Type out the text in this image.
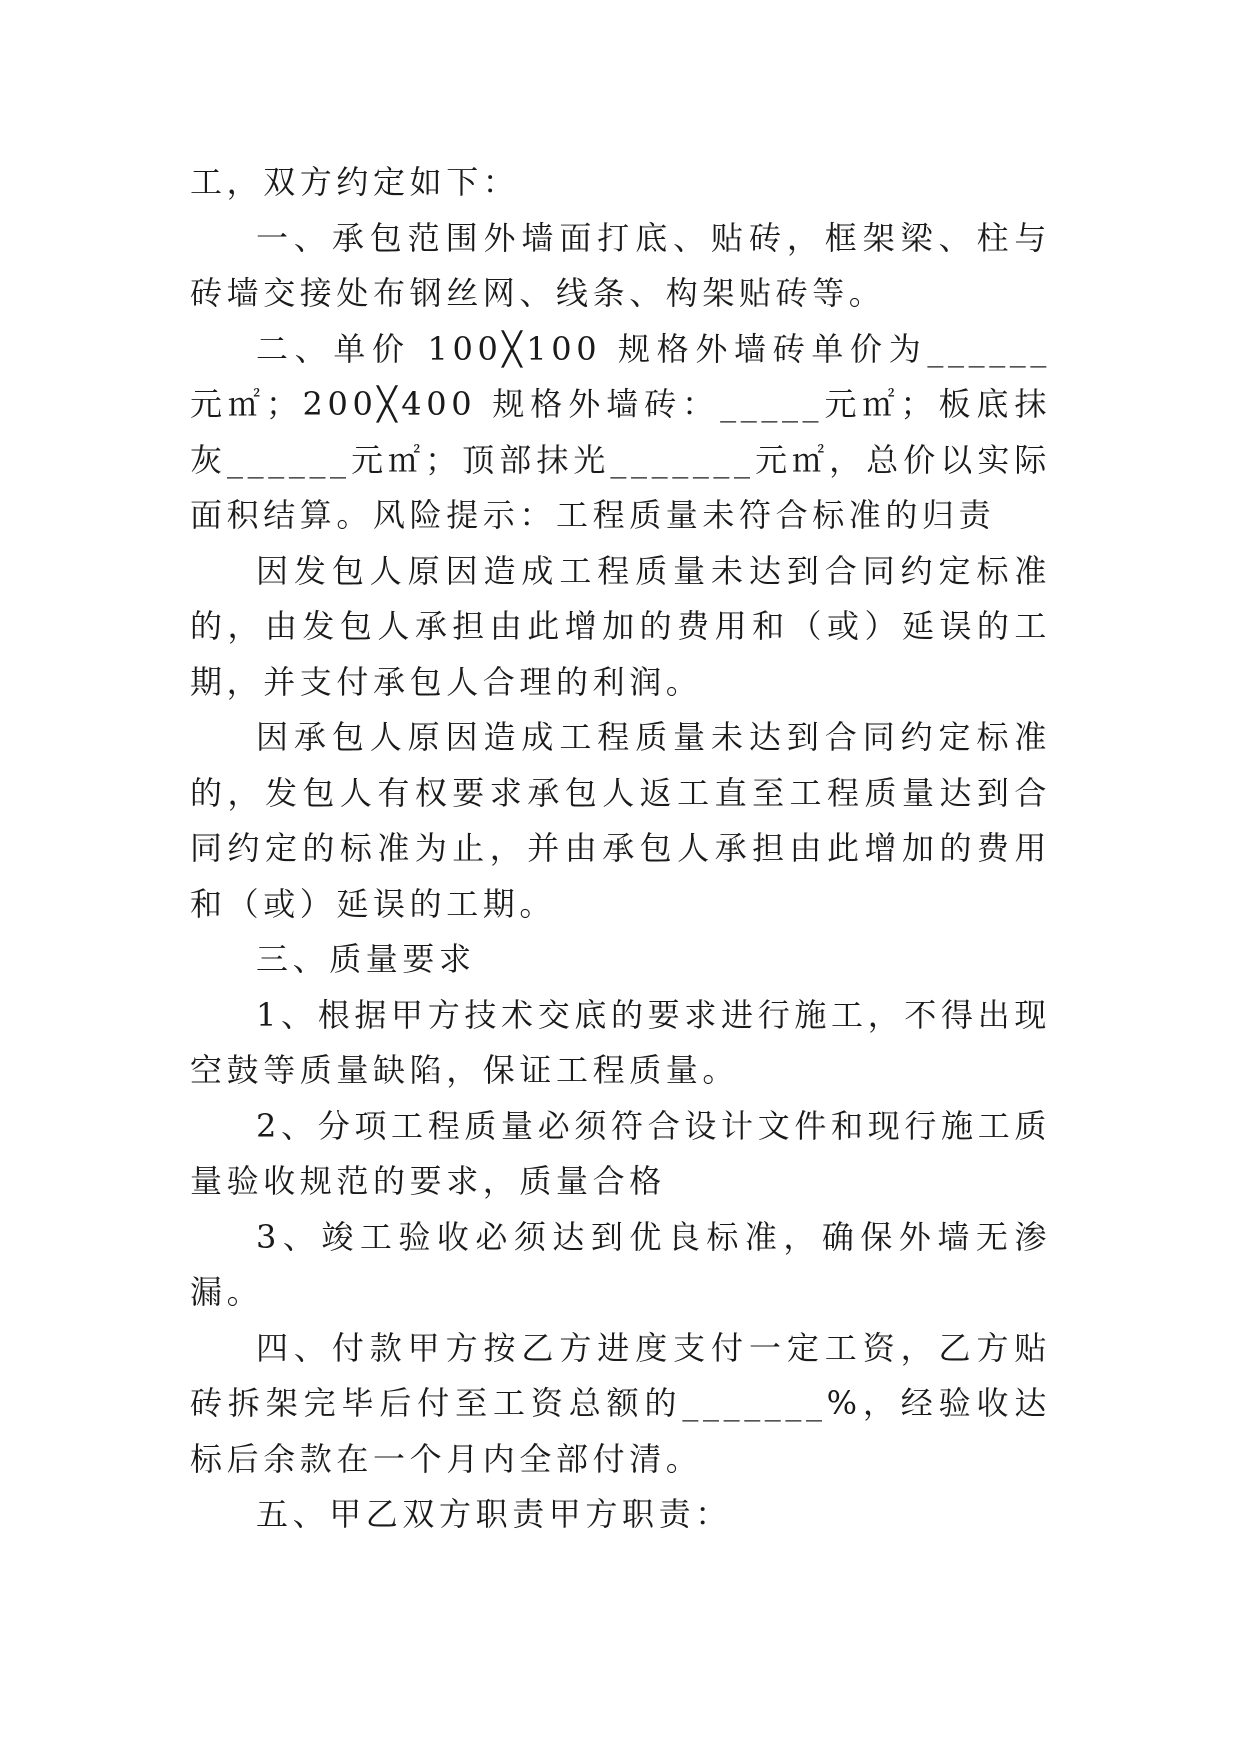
工，双方约定如下：

一、承包范围外墙面打底、贴砖，框架梁、柱与砖墙交接处布钢丝网、线条、构架贴砖等。

二、单价 100╳100 规格外墙砖单价为______元㎡；200╳400 规格外墙砖：_____元㎡；板底抹灰______元㎡；顶部抹光_______元㎡，总价以实际面积结算。风险提示：工程质量未符合标准的归责

因发包人原因造成工程质量未达到合同约定标准的，由发包人承担由此增加的费用和（或）延误的工期，并支付承包人合理的利润。

因承包人原因造成工程质量未达到合同约定标准的，发包人有权要求承包人返工直至工程质量达到合同约定的标准为止，并由承包人承担由此增加的费用和（或）延误的工期。

三、质量要求

1、根据甲方技术交底的要求进行施工，不得出现空鼓等质量缺陷，保证工程质量。

2、分项工程质量必须符合设计文件和现行施工质量验收规范的要求，质量合格

3、竣工验收必须达到优良标准，确保外墙无渗漏。

四、付款甲方按乙方进度支付一定工资，乙方贴砖拆架完毕后付至工资总额的_______%，经验收达标后余款在一个月内全部付清。

五、甲乙双方职责甲方职责：
